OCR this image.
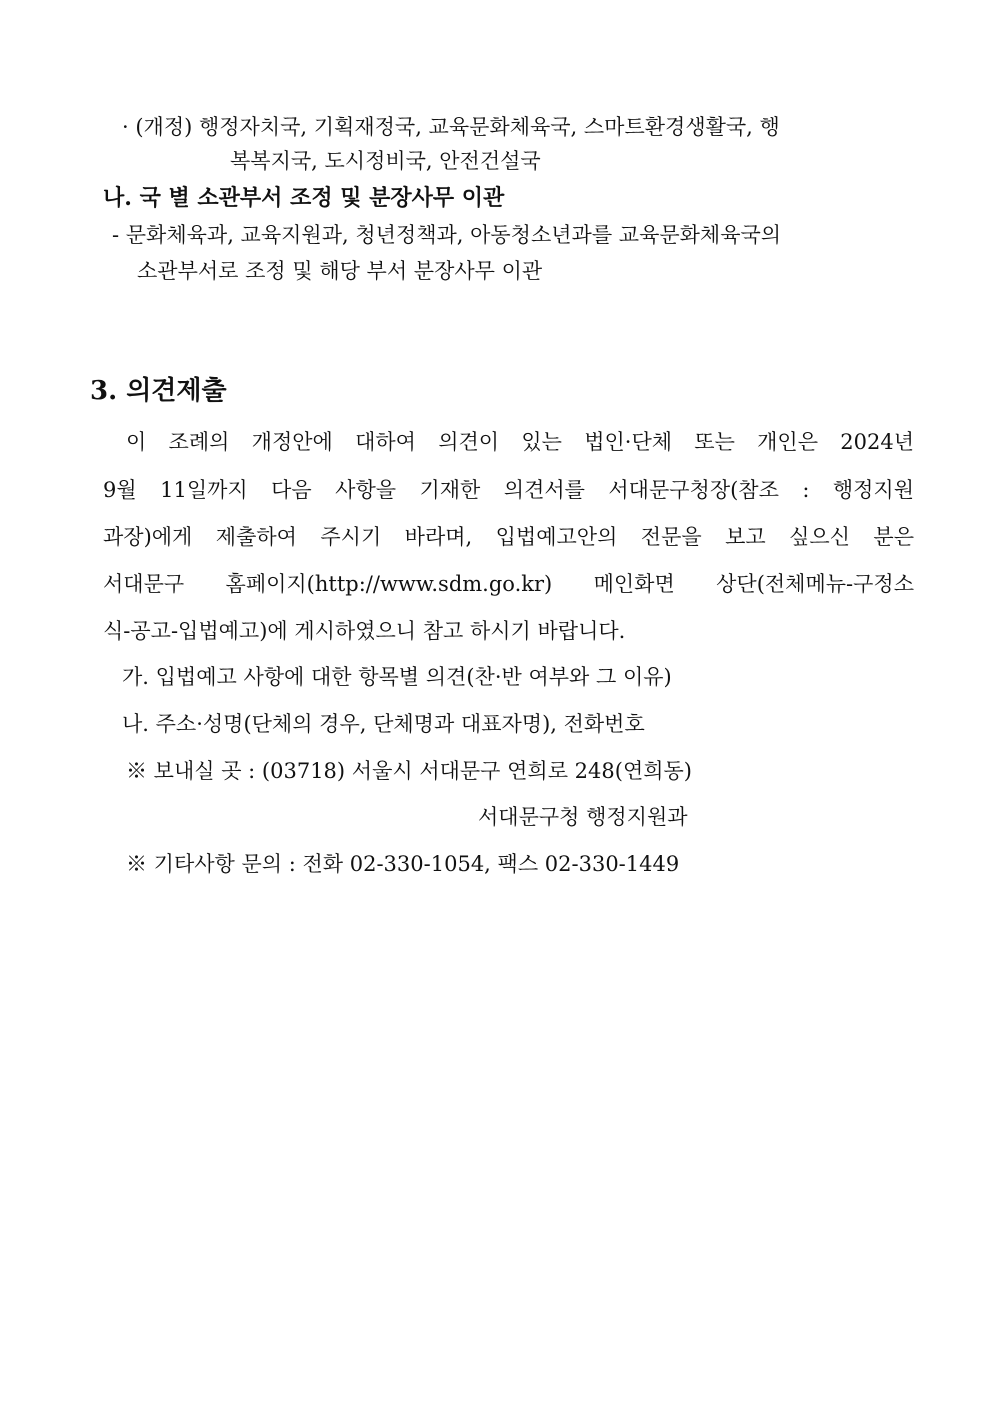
· (개정) 행정자치국, 기획재정국, 교육문화체육국, 스마트환경생활국, 행
복복지국, 도시정비국, 안전건설국
나. 국 별 소관부서 조정 및 분장사무 이관
- 문화체육과, 교육지원과, 청년정책과, 아동청소년과를 교육문화체육국의
소관부서로 조정 및 해당 부서 분장사무 이관
3. 의견제출
이 조례의 개정안에 대하여 의견이 있는 법인·단체 또는 개인은 2024년
9월 11일까지 다음 사항을 기재한 의견서를 서대문구청장(참조 : 행정지원
과장)에게 제출하여 주시기 바라며, 입법예고안의 전문을 보고 싶으신 분은
서대문구 홈페이지(http://www.sdm.go.kr) 메인화면 상단(전체메뉴-구정소
식-공고-입법예고)에 게시하였으니 참고 하시기 바랍니다.
가. 입법예고 사항에 대한 항목별 의견(찬·반 여부와 그 이유)
나. 주소·성명(단체의 경우, 단체명과 대표자명), 전화번호
※ 보내실 곳 : (03718) 서울시 서대문구 연희로 248(연희동)
서대문구청 행정지원과
※ 기타사항 문의 : 전화 02-330-1054, 팩스 02-330-1449
